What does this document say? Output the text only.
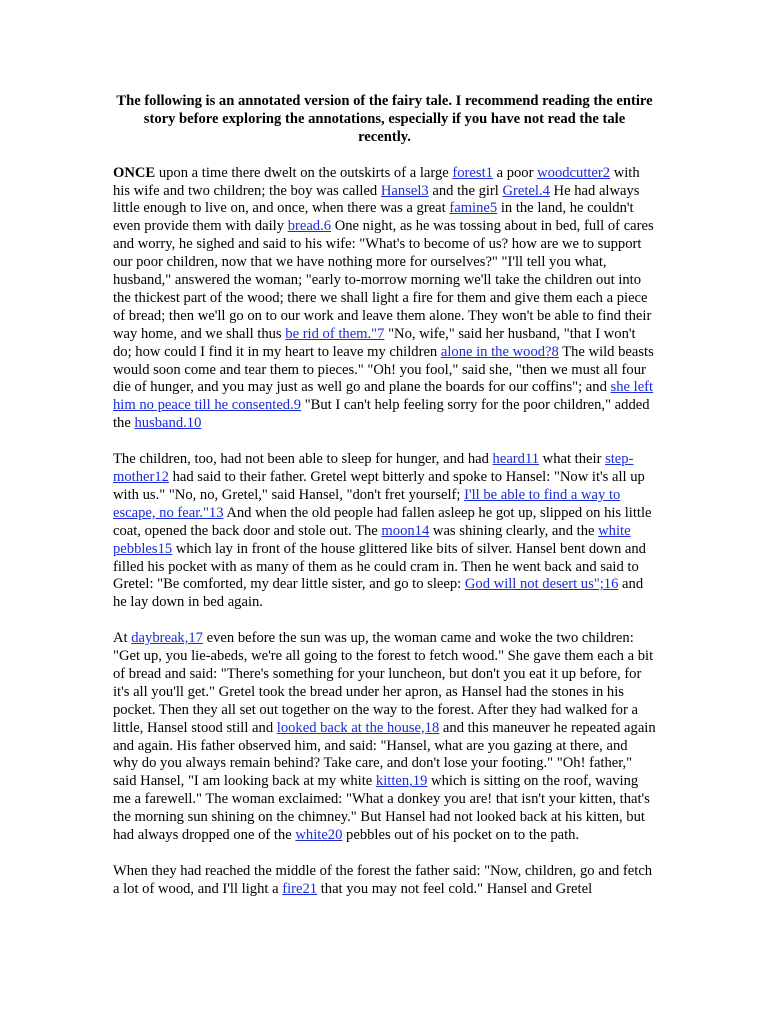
The following is an annotated version of the fairy tale. I recommend reading the entire story before exploring the annotations, especially if you have not read the tale recently.

ONCE upon a time there dwelt on the outskirts of a large forest1 a poor woodcutter2 with his wife and two children; the boy was called Hansel3 and the girl Gretel.4 He had always little enough to live on, and once, when there was a great famine5 in the land, he couldn't even provide them with daily bread.6 One night, as he was tossing about in bed, full of cares and worry, he sighed and said to his wife: "What's to become of us? how are we to support our poor children, now that we have nothing more for ourselves?" "I'll tell you what, husband," answered the woman; "early to-morrow morning we'll take the children out into the thickest part of the wood; there we shall light a fire for them and give them each a piece of bread; then we'll go on to our work and leave them alone. They won't be able to find their way home, and we shall thus be rid of them."7 "No, wife," said her husband, "that I won't do; how could I find it in my heart to leave my children alone in the wood?8 The wild beasts would soon come and tear them to pieces." "Oh! you fool," said she, "then we must all four die of hunger, and you may just as well go and plane the boards for our coffins"; and she left him no peace till he consented.9 "But I can't help feeling sorry for the poor children," added the husband.10

The children, too, had not been able to sleep for hunger, and had heard11 what their step-mother12 had said to their father. Gretel wept bitterly and spoke to Hansel: "Now it's all up with us." "No, no, Gretel," said Hansel, "don't fret yourself; I'll be able to find a way to escape, no fear."13 And when the old people had fallen asleep he got up, slipped on his little coat, opened the back door and stole out. The moon14 was shining clearly, and the white pebbles15 which lay in front of the house glittered like bits of silver. Hansel bent down and filled his pocket with as many of them as he could cram in. Then he went back and said to Gretel: "Be comforted, my dear little sister, and go to sleep: God will not desert us";16 and he lay down in bed again.

At daybreak,17 even before the sun was up, the woman came and woke the two children: "Get up, you lie-abeds, we're all going to the forest to fetch wood." She gave them each a bit of bread and said: "There's something for your luncheon, but don't you eat it up before, for it's all you'll get." Gretel took the bread under her apron, as Hansel had the stones in his pocket. Then they all set out together on the way to the forest. After they had walked for a little, Hansel stood still and looked back at the house,18 and this maneuver he repeated again and again. His father observed him, and said: "Hansel, what are you gazing at there, and why do you always remain behind? Take care, and don't lose your footing." "Oh! father," said Hansel, "I am looking back at my white kitten,19 which is sitting on the roof, waving me a farewell." The woman exclaimed: "What a donkey you are! that isn't your kitten, that's the morning sun shining on the chimney." But Hansel had not looked back at his kitten, but had always dropped one of the white20 pebbles out of his pocket on to the path.

When they had reached the middle of the forest the father said: "Now, children, go and fetch a lot of wood, and I'll light a fire21 that you may not feel cold." Hansel and Gretel
